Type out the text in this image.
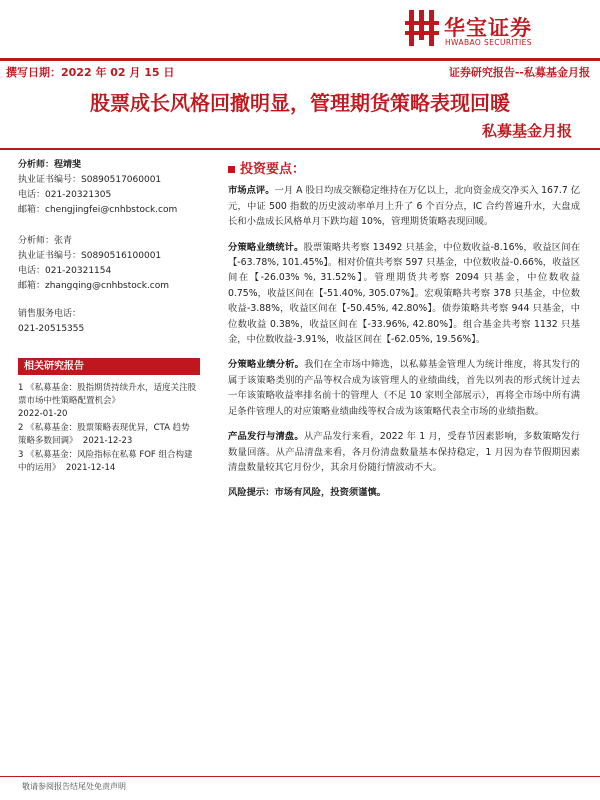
华宝证券
HWABAO SECURITIES
撰写日期：2022 年 02 月 15 日	证券研究报告--私募基金月报
股票成长风格回撤明显，管理期货策略表现回暖
私募基金月报
分析师：程靖斐
执业证书编号：S0890517060001
电话：021-20321305
邮箱：chengjingfei@cnhbstock.com
分析师：张青
执业证书编号：S0890516100001
电话：021-20321154
邮箱：zhangqing@cnhbstock.com
销售服务电话：
021-20515355
相关研究报告
1 《私募基金：股指期货持续升水，适度关注股票市场中性策略配置机会》
2022-01-20
2 《私募基金：股票策略表现优异，CTA 趋势策略多数回调》 2021-12-23
3 《私募基金：风险指标在私募 FOF 组合构建中的运用》 2021-12-14
投资要点：
市场点评。一月 A 股日均成交额稳定维持在万亿以上，北向资金成交净买入 167.7 亿元，中证 500 指数的历史波动率单月上升了 6 个百分点，IC 合约普遍升水，大盘成长和小盘成长风格单月下跌均超 10%，管理期货策略表现回暖。
分策略业绩统计。股票策略共考察 13492 只基金，中位数收益-8.16%，收益区间在【-63.78%, 101.45%】。相对价值共考察 597 只基金，中位数收益-0.66%，收益区间在【-26.03% %, 31.52%】。管理期货共考察 2094 只基金，中位数收益 0.75%，收益区间在【-51.40%, 305.07%】。宏观策略共考察 378 只基金，中位数收益-3.88%，收益区间在【-50.45%, 42.80%】。债券策略共考察 944 只基金，中位数收益 0.38%，收益区间在【-33.96%, 42.80%】。组合基金共考察 1132 只基金，中位数收益-3.91%，收益区间在【-62.05%, 19.56%】。
分策略业绩分析。我们在全市场中筛选，以私募基金管理人为统计维度，将其发行的属于该策略类别的产品等权合成为该管理人的业绩曲线，首先以列表的形式统计过去一年该策略收益率排名前十的管理人（不足 10 家则全部展示），再将全市场中所有满足条件管理人的对应策略业绩曲线等权合成为该策略代表全市场的业绩指数。
产品发行与清盘。从产品发行来看，2022 年 1 月，受春节因素影响，多数策略发行数量回落。从产品清盘来看，各月份清盘数量基本保持稳定，1 月因为春节假期因素清盘数量较其它月份少，其余月份随行情波动不大。
风险提示：市场有风险，投资须谨慎。
敬请参阅报告结尾处免责声明
